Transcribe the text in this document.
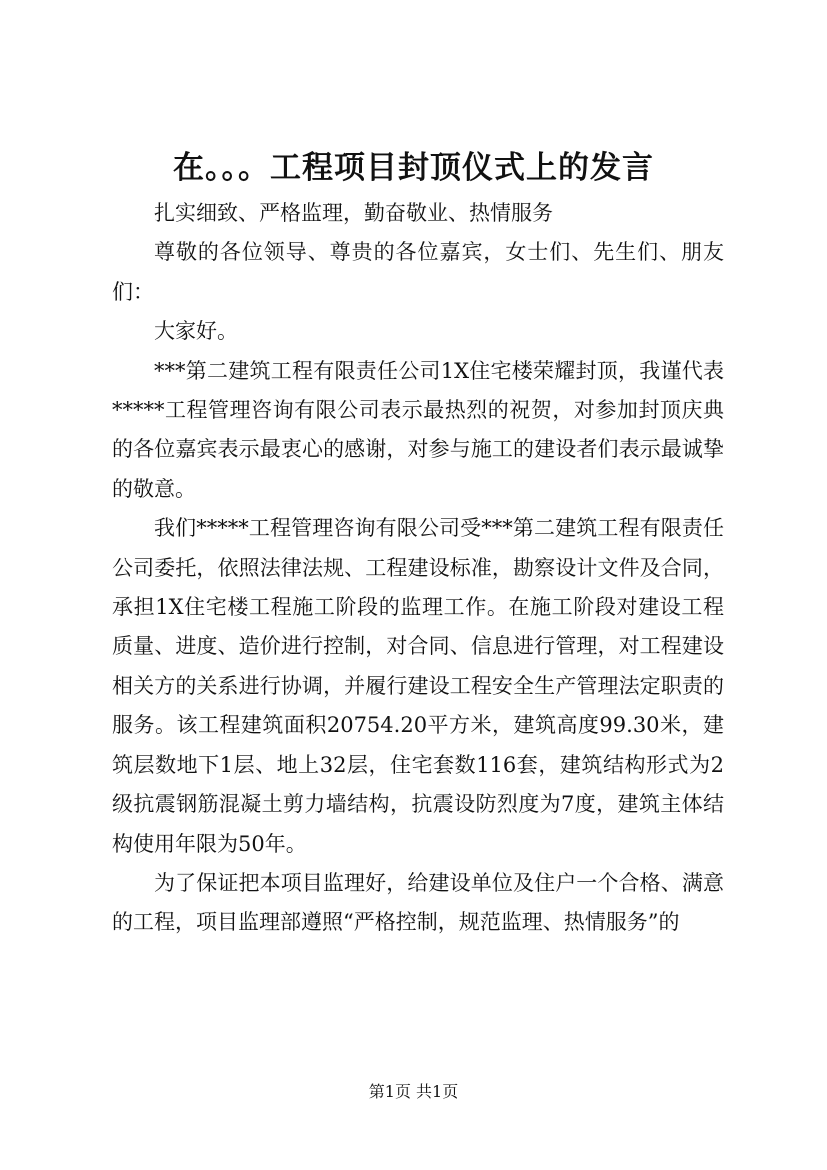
在。。。工程项目封顶仪式上的发言

扎实细致、严格监理，勤奋敬业、热情服务

尊敬的各位领导、尊贵的各位嘉宾，女士们、先生们、朋友们：

大家好。

***第二建筑工程有限责任公司1X住宅楼荣耀封顶，我谨代表*****工程管理咨询有限公司表示最热烈的祝贺，对参加封顶庆典的各位嘉宾表示最衷心的感谢，对参与施工的建设者们表示最诚挚的敬意。

我们*****工程管理咨询有限公司受***第二建筑工程有限责任公司委托，依照法律法规、工程建设标准，勘察设计文件及合同，承担1X住宅楼工程施工阶段的监理工作。在施工阶段对建设工程质量、进度、造价进行控制，对合同、信息进行管理，对工程建设相关方的关系进行协调，并履行建设工程安全生产管理法定职责的服务。该工程建筑面积20754.20平方米，建筑高度99.30米，建筑层数地下1层、地上32层，住宅套数116套，建筑结构形式为2级抗震钢筋混凝土剪力墙结构，抗震设防烈度为7度，建筑主体结构使用年限为50年。

为了保证把本项目监理好，给建设单位及住户一个合格、满意的工程，项目监理部遵照“严格控制，规范监理、热情服务”的

第1页 共1页
